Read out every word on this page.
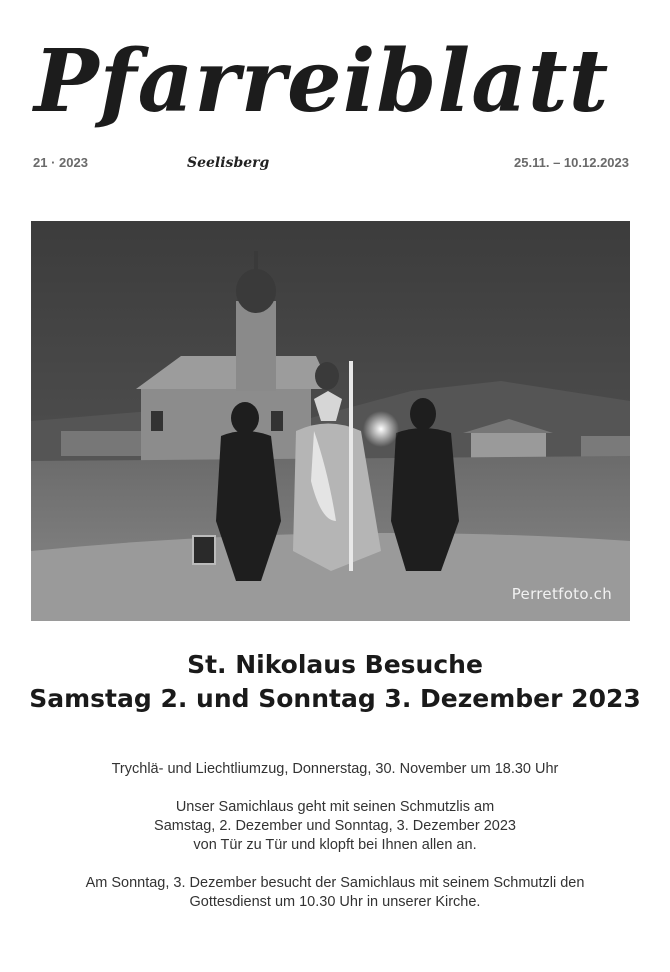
Pfarreiblatt
21 · 2023	Seelisberg	25.11. – 10.12.2023
Perretfoto.ch
St. Nikolaus Besuche
Samstag 2. und Sonntag 3. Dezember 2023

Trychlä- und Liechtliumzug, Donnerstag, 30. November um 18.30 Uhr

Unser Samichlaus geht mit seinen Schmutzlis am
Samstag, 2. Dezember und Sonntag, 3. Dezember 2023
von Tür zu Tür und klopft bei Ihnen allen an.

Am Sonntag, 3. Dezember besucht der Samichlaus mit seinem Schmutzli den
Gottesdienst um 10.30 Uhr in unserer Kirche.
